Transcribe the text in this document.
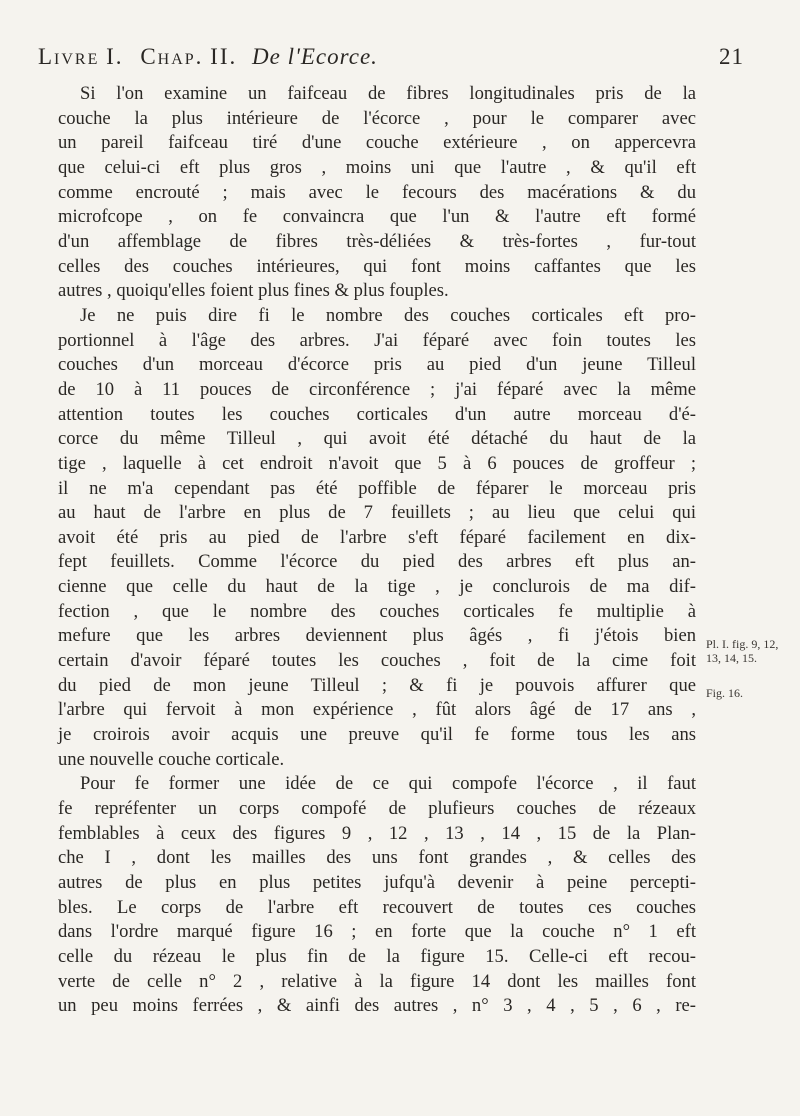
Livre I. Chap. II. De l'Ecorce.	21

Si l'on examine un faifceau de fibres longitudinales pris de la
couche la plus intérieure de l'écorce , pour le comparer avec
un pareil faifceau tiré d'une couche extérieure , on appercevra
que celui-ci eft plus gros , moins uni que l'autre , & qu'il eft
comme encrouté ; mais avec le fecours des macérations & du
microfcope , on fe convaincra que l'un & l'autre eft formé
d'un affemblage de fibres très-déliées & très-fortes , fur-tout
celles des couches intérieures, qui font moins caffantes que les
autres , quoiqu'elles foient plus fines & plus fouples.

Je ne puis dire fi le nombre des couches corticales eft pro-
portionnel à l'âge des arbres. J'ai féparé avec foin toutes les
couches d'un morceau d'écorce pris au pied d'un jeune Tilleul
de 10 à 11 pouces de circonférence ; j'ai féparé avec la même
attention toutes les couches corticales d'un autre morceau d'é-
corce du même Tilleul , qui avoit été détaché du haut de la
tige , laquelle à cet endroit n'avoit que 5 à 6 pouces de groffeur ;
il ne m'a cependant pas été poffible de féparer le morceau pris
au haut de l'arbre en plus de 7 feuillets ; au lieu que celui qui
avoit été pris au pied de l'arbre s'eft féparé facilement en dix-
fept feuillets. Comme l'écorce du pied des arbres eft plus an-
cienne que celle du haut de la tige , je conclurois de ma dif-
fection , que le nombre des couches corticales fe multiplie à
mefure que les arbres deviennent plus âgés , fi j'étois bien
certain d'avoir féparé toutes les couches , foit de la cime foit
du pied de mon jeune Tilleul ; & fi je pouvois affurer que
l'arbre qui fervoit à mon expérience , fût alors âgé de 17 ans ,
je croirois avoir acquis une preuve qu'il fe forme tous les ans
une nouvelle couche corticale.

Pour fe former une idée de ce qui compofe l'écorce , il faut
fe repréfenter un corps compofé de plufieurs couches de rézeaux
femblables à ceux des figures 9 , 12 , 13 , 14 , 15 de la Plan-
che I , dont les mailles des uns font grandes , & celles des
autres de plus en plus petites jufqu'à devenir à peine percepti-
bles. Le corps de l'arbre eft recouvert de toutes ces couches
dans l'ordre marqué figure 16 ; en forte que la couche n° 1 eft
celle du rézeau le plus fin de la figure 15. Celle-ci eft recou-
verte de celle n° 2 , relative à la figure 14 dont les mailles font
un peu moins ferrées , & ainfi des autres , n° 3 , 4 , 5 , 6 , re-

Pl. I. fig. 9, 12, 13, 14, 15.
Fig. 16.
